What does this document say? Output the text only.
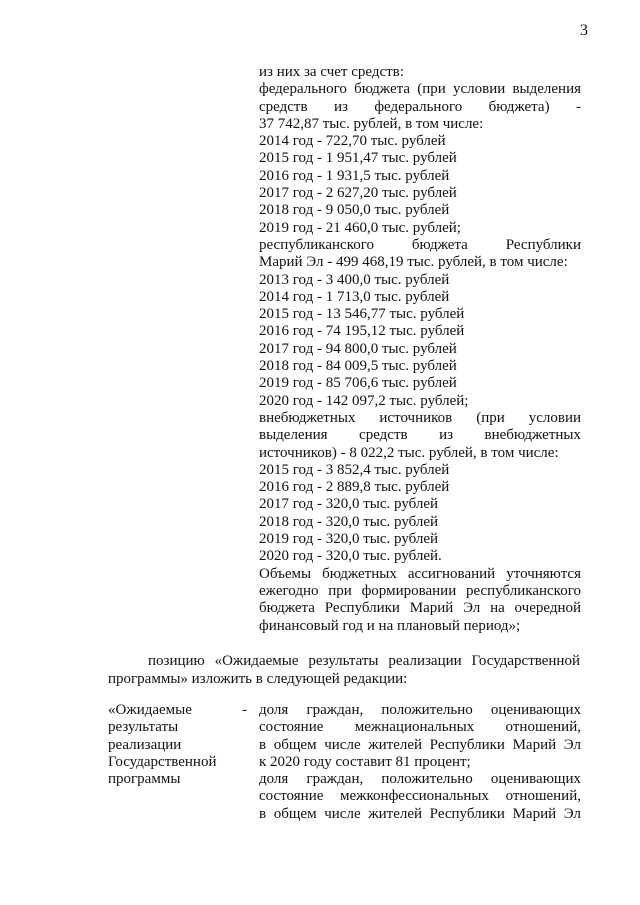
3
из них за счет средств:
федерального бюджета (при условии выделения
средств из федерального бюджета) -
37 742,87 тыс. рублей, в том числе:
2014 год - 722,70 тыс. рублей
2015 год - 1 951,47 тыс. рублей
2016 год - 1 931,5 тыс. рублей
2017 год - 2 627,20 тыс. рублей
2018 год - 9 050,0 тыс. рублей
2019 год - 21 460,0 тыс. рублей;
республиканского бюджета Республики
Марий Эл - 499 468,19 тыс. рублей, в том числе:
2013 год - 3 400,0 тыс. рублей
2014 год - 1 713,0 тыс. рублей
2015 год - 13 546,77 тыс. рублей
2016 год - 74 195,12 тыс. рублей
2017 год - 94 800,0 тыс. рублей
2018 год - 84 009,5 тыс. рублей
2019 год - 85 706,6 тыс. рублей
2020 год - 142 097,2 тыс. рублей;
внебюджетных источников (при условии
выделения средств из внебюджетных
источников) - 8 022,2 тыс. рублей, в том числе:
2015 год - 3 852,4 тыс. рублей
2016 год - 2 889,8 тыс. рублей
2017 год - 320,0 тыс. рублей
2018 год - 320,0 тыс. рублей
2019 год - 320,0 тыс. рублей
2020 год - 320,0 тыс. рублей.
Объемы бюджетных ассигнований уточняются
ежегодно при формировании республиканского
бюджета Республики Марий Эл на очередной
финансовый год и на плановый период»;
позицию «Ожидаемые результаты реализации Государственной
программы» изложить в следующей редакции:
«Ожидаемые
результаты
реализации
Государственной
программы
- доля граждан, положительно оценивающих
состояние межнациональных отношений,
в общем числе жителей Республики Марий Эл
к 2020 году составит 81 процент;
доля граждан, положительно оценивающих
состояние межконфессиональных отношений,
в общем числе жителей Республики Марий Эл
